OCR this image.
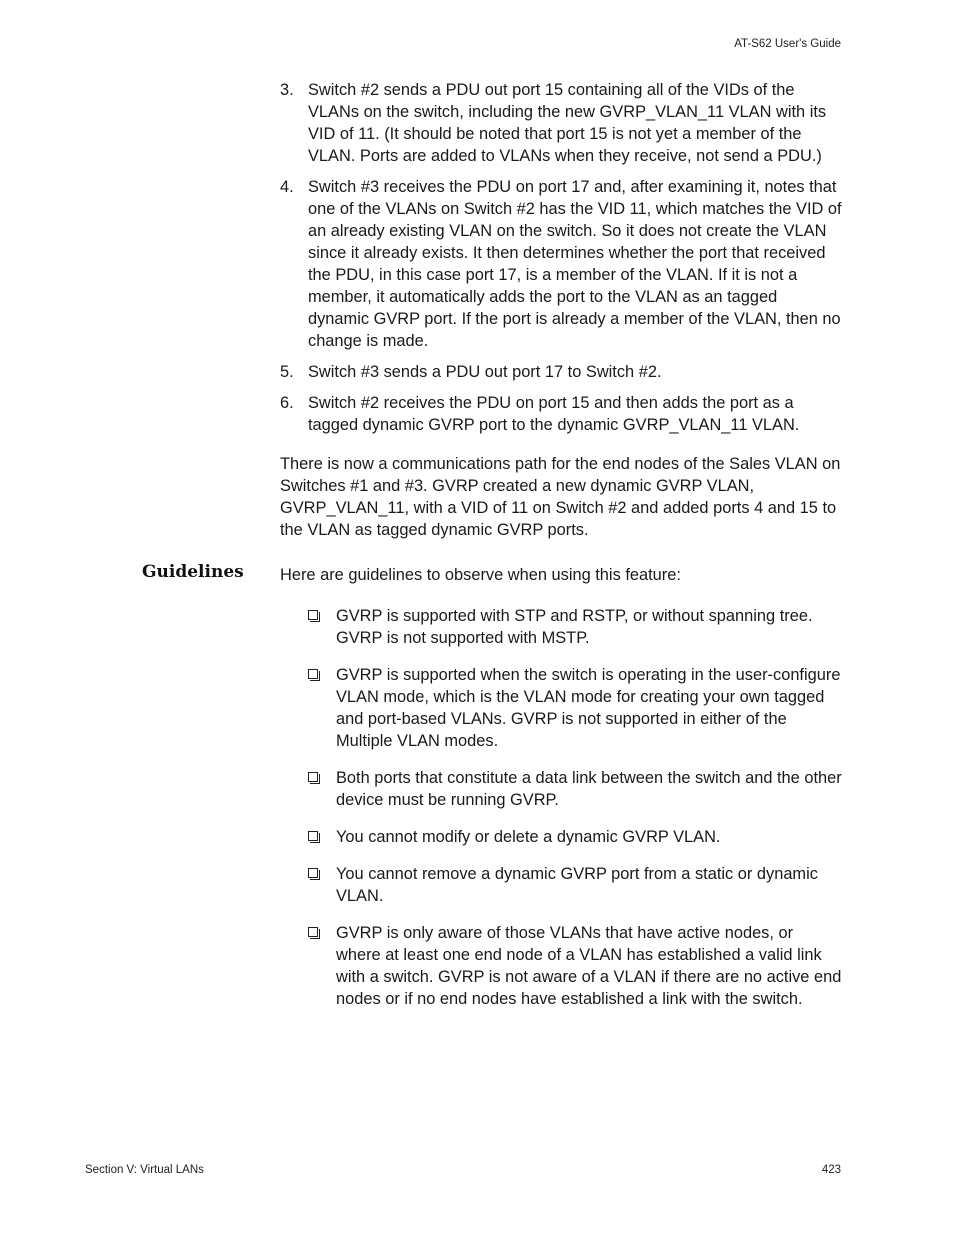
AT-S62 User's Guide
3. Switch #2 sends a PDU out port 15 containing all of the VIDs of the VLANs on the switch, including the new GVRP_VLAN_11 VLAN with its VID of 11. (It should be noted that port 15 is not yet a member of the VLAN. Ports are added to VLANs when they receive, not send a PDU.)
4. Switch #3 receives the PDU on port 17 and, after examining it, notes that one of the VLANs on Switch #2 has the VID 11, which matches the VID of an already existing VLAN on the switch. So it does not create the VLAN since it already exists. It then determines whether the port that received the PDU, in this case port 17, is a member of the VLAN. If it is not a member, it automatically adds the port to the VLAN as an tagged dynamic GVRP port. If the port is already a member of the VLAN, then no change is made.
5. Switch #3 sends a PDU out port 17 to Switch #2.
6. Switch #2 receives the PDU on port 15 and then adds the port as a tagged dynamic GVRP port to the dynamic GVRP_VLAN_11 VLAN.
There is now a communications path for the end nodes of the Sales VLAN on Switches #1 and #3. GVRP created a new dynamic GVRP VLAN, GVRP_VLAN_11, with a VID of 11 on Switch #2 and added ports 4 and 15 to the VLAN as tagged dynamic GVRP ports.
Guidelines Here are guidelines to observe when using this feature:
GVRP is supported with STP and RSTP, or without spanning tree. GVRP is not supported with MSTP.
GVRP is supported when the switch is operating in the user-configure VLAN mode, which is the VLAN mode for creating your own tagged and port-based VLANs. GVRP is not supported in either of the Multiple VLAN modes.
Both ports that constitute a data link between the switch and the other device must be running GVRP.
You cannot modify or delete a dynamic GVRP VLAN.
You cannot remove a dynamic GVRP port from a static or dynamic VLAN.
GVRP is only aware of those VLANs that have active nodes, or where at least one end node of a VLAN has established a valid link with a switch. GVRP is not aware of a VLAN if there are no active end nodes or if no end nodes have established a link with the switch.
Section V: Virtual LANs	423
